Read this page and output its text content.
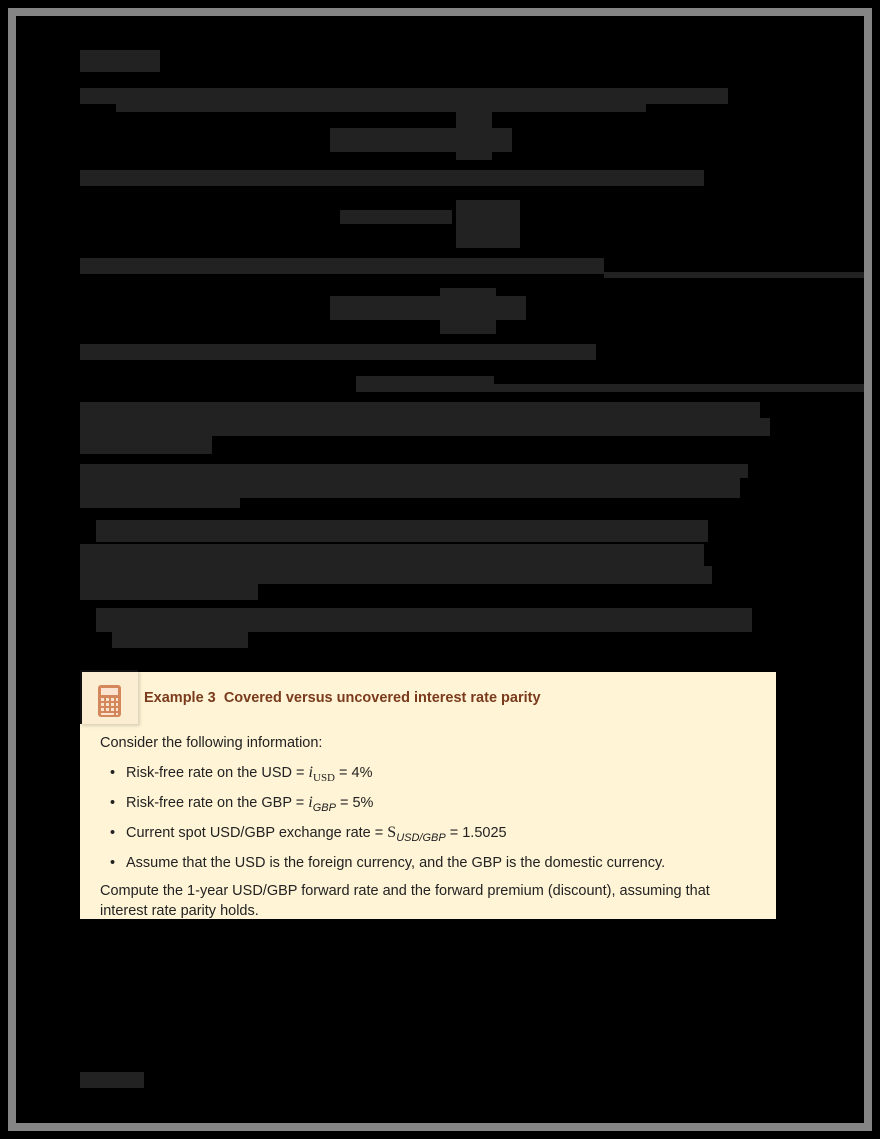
Example 3 Covered versus uncovered interest rate parity

Consider the following information:

• Risk-free rate on the USD = $i_{USD} = 4\%$
• Risk-free rate on the GBP = $i_{GBP} = 5\%$
• Current spot USD/GBP exchange rate = $S_{USD/GBP} = 1.5025$
• Assume that the USD is the foreign currency, and the GBP is the domestic currency.

Compute the 1-year USD/GBP forward rate and the forward premium (discount), assuming that interest rate parity holds.
